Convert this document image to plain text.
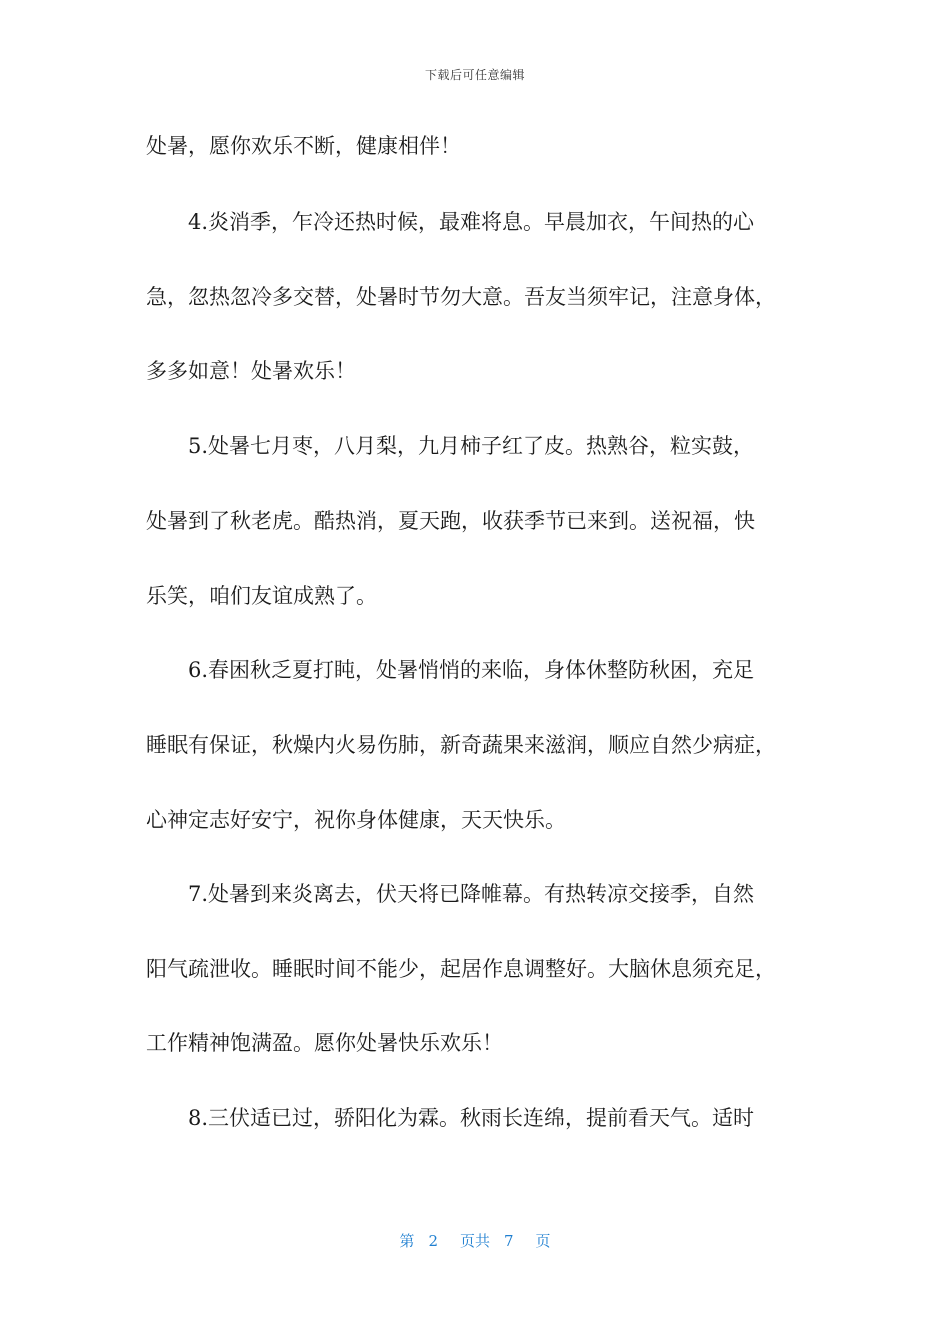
下载后可任意编辑
处暑，愿你欢乐不断，健康相伴！
4.炎消季，乍冷还热时候，最难将息。早晨加衣，午间热的心
急，忽热忽冷多交替，处暑时节勿大意。吾友当须牢记，注意身体，
多多如意！处暑欢乐！
5.处暑七月枣，八月梨，九月柿子红了皮。热熟谷，粒实鼓，
处暑到了秋老虎。酷热消，夏天跑，收获季节已来到。送祝福，快
乐笑，咱们友谊成熟了。
6.春困秋乏夏打盹，处暑悄悄的来临，身体休整防秋困，充足
睡眠有保证，秋燥内火易伤肺，新奇蔬果来滋润，顺应自然少病症，
心神定志好安宁，祝你身体健康，天天快乐。
7.处暑到来炎离去，伏天将已降帷幕。有热转凉交接季，自然
阳气疏泄收。睡眠时间不能少，起居作息调整好。大脑休息须充足，
工作精神饱满盈。愿你处暑快乐欢乐！
8.三伏适已过，骄阳化为霖。秋雨长连绵，提前看天气。适时
第 2 页共 7 页
